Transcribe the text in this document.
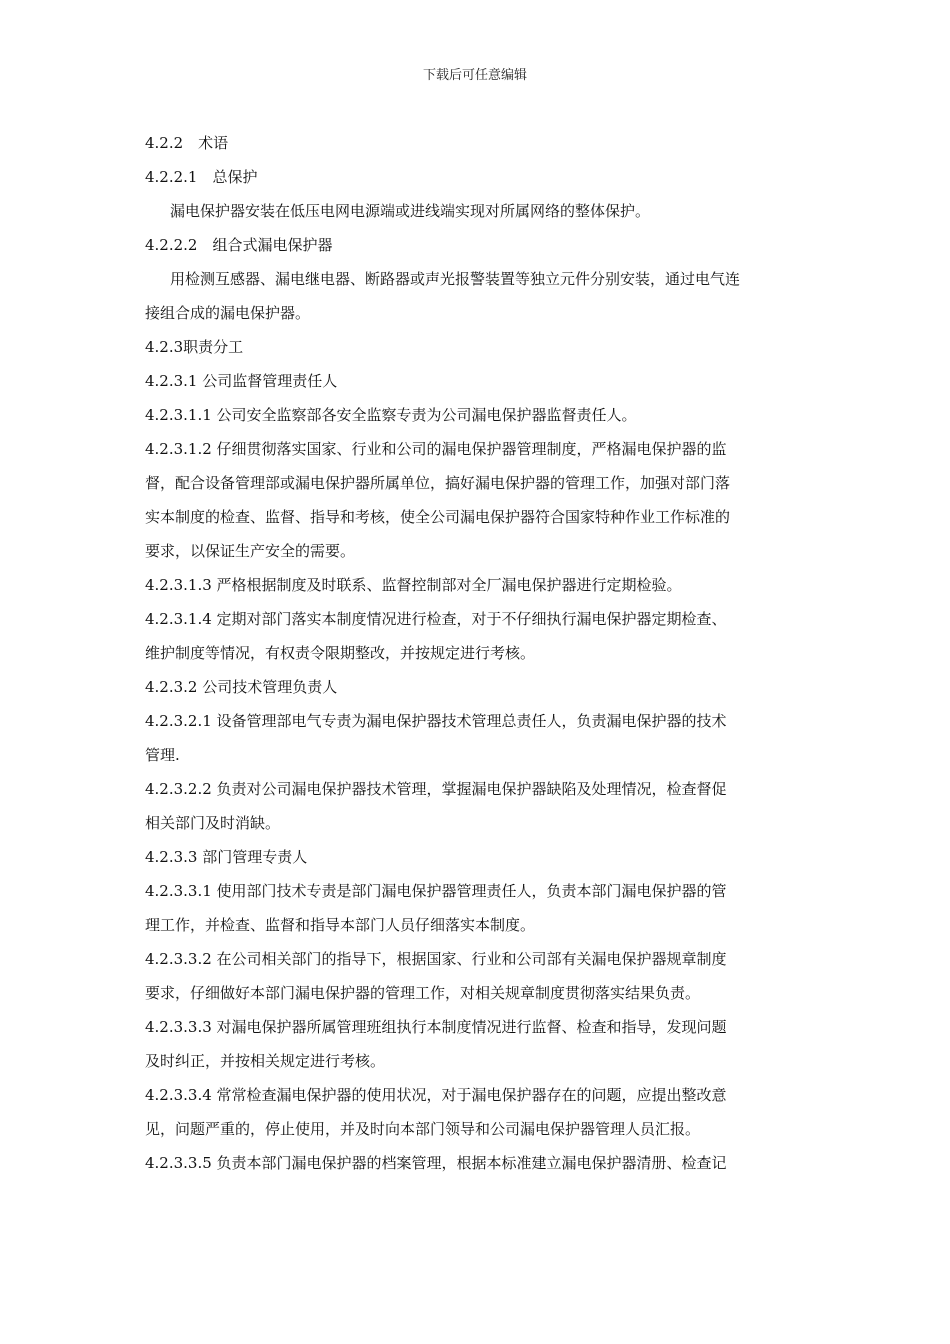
下载后可任意编辑
4.2.2　术语
4.2.2.1　总保护
漏电保护器安装在低压电网电源端或进线端实现对所属网络的整体保护。
4.2.2.2　组合式漏电保护器
用检测互感器、漏电继电器、断路器或声光报警装置等独立元件分别安装，通过电气连
接组合成的漏电保护器。
4.2.3职责分工
4.2.3.1 公司监督管理责任人
4.2.3.1.1 公司安全监察部各安全监察专责为公司漏电保护器监督责任人。
4.2.3.1.2 仔细贯彻落实国家、行业和公司的漏电保护器管理制度，严格漏电保护器的监
督，配合设备管理部或漏电保护器所属单位，搞好漏电保护器的管理工作，加强对部门落
实本制度的检查、监督、指导和考核，使全公司漏电保护器符合国家特种作业工作标准的
要求，以保证生产安全的需要。
4.2.3.1.3 严格根据制度及时联系、监督控制部对全厂漏电保护器进行定期检验。
4.2.3.1.4 定期对部门落实本制度情况进行检查，对于不仔细执行漏电保护器定期检查、
维护制度等情况，有权责令限期整改，并按规定进行考核。
4.2.3.2 公司技术管理负责人
4.2.3.2.1 设备管理部电气专责为漏电保护器技术管理总责任人，负责漏电保护器的技术
管理.
4.2.3.2.2 负责对公司漏电保护器技术管理，掌握漏电保护器缺陷及处理情况，检查督促
相关部门及时消缺。
4.2.3.3 部门管理专责人
4.2.3.3.1 使用部门技术专责是部门漏电保护器管理责任人，负责本部门漏电保护器的管
理工作，并检查、监督和指导本部门人员仔细落实本制度。
4.2.3.3.2 在公司相关部门的指导下，根据国家、行业和公司部有关漏电保护器规章制度
要求，仔细做好本部门漏电保护器的管理工作，对相关规章制度贯彻落实结果负责。
4.2.3.3.3 对漏电保护器所属管理班组执行本制度情况进行监督、检查和指导，发现问题
及时纠正，并按相关规定进行考核。
4.2.3.3.4 常常检查漏电保护器的使用状况，对于漏电保护器存在的问题，应提出整改意
见，问题严重的，停止使用，并及时向本部门领导和公司漏电保护器管理人员汇报。
4.2.3.3.5 负责本部门漏电保护器的档案管理，根据本标准建立漏电保护器清册、检查记
